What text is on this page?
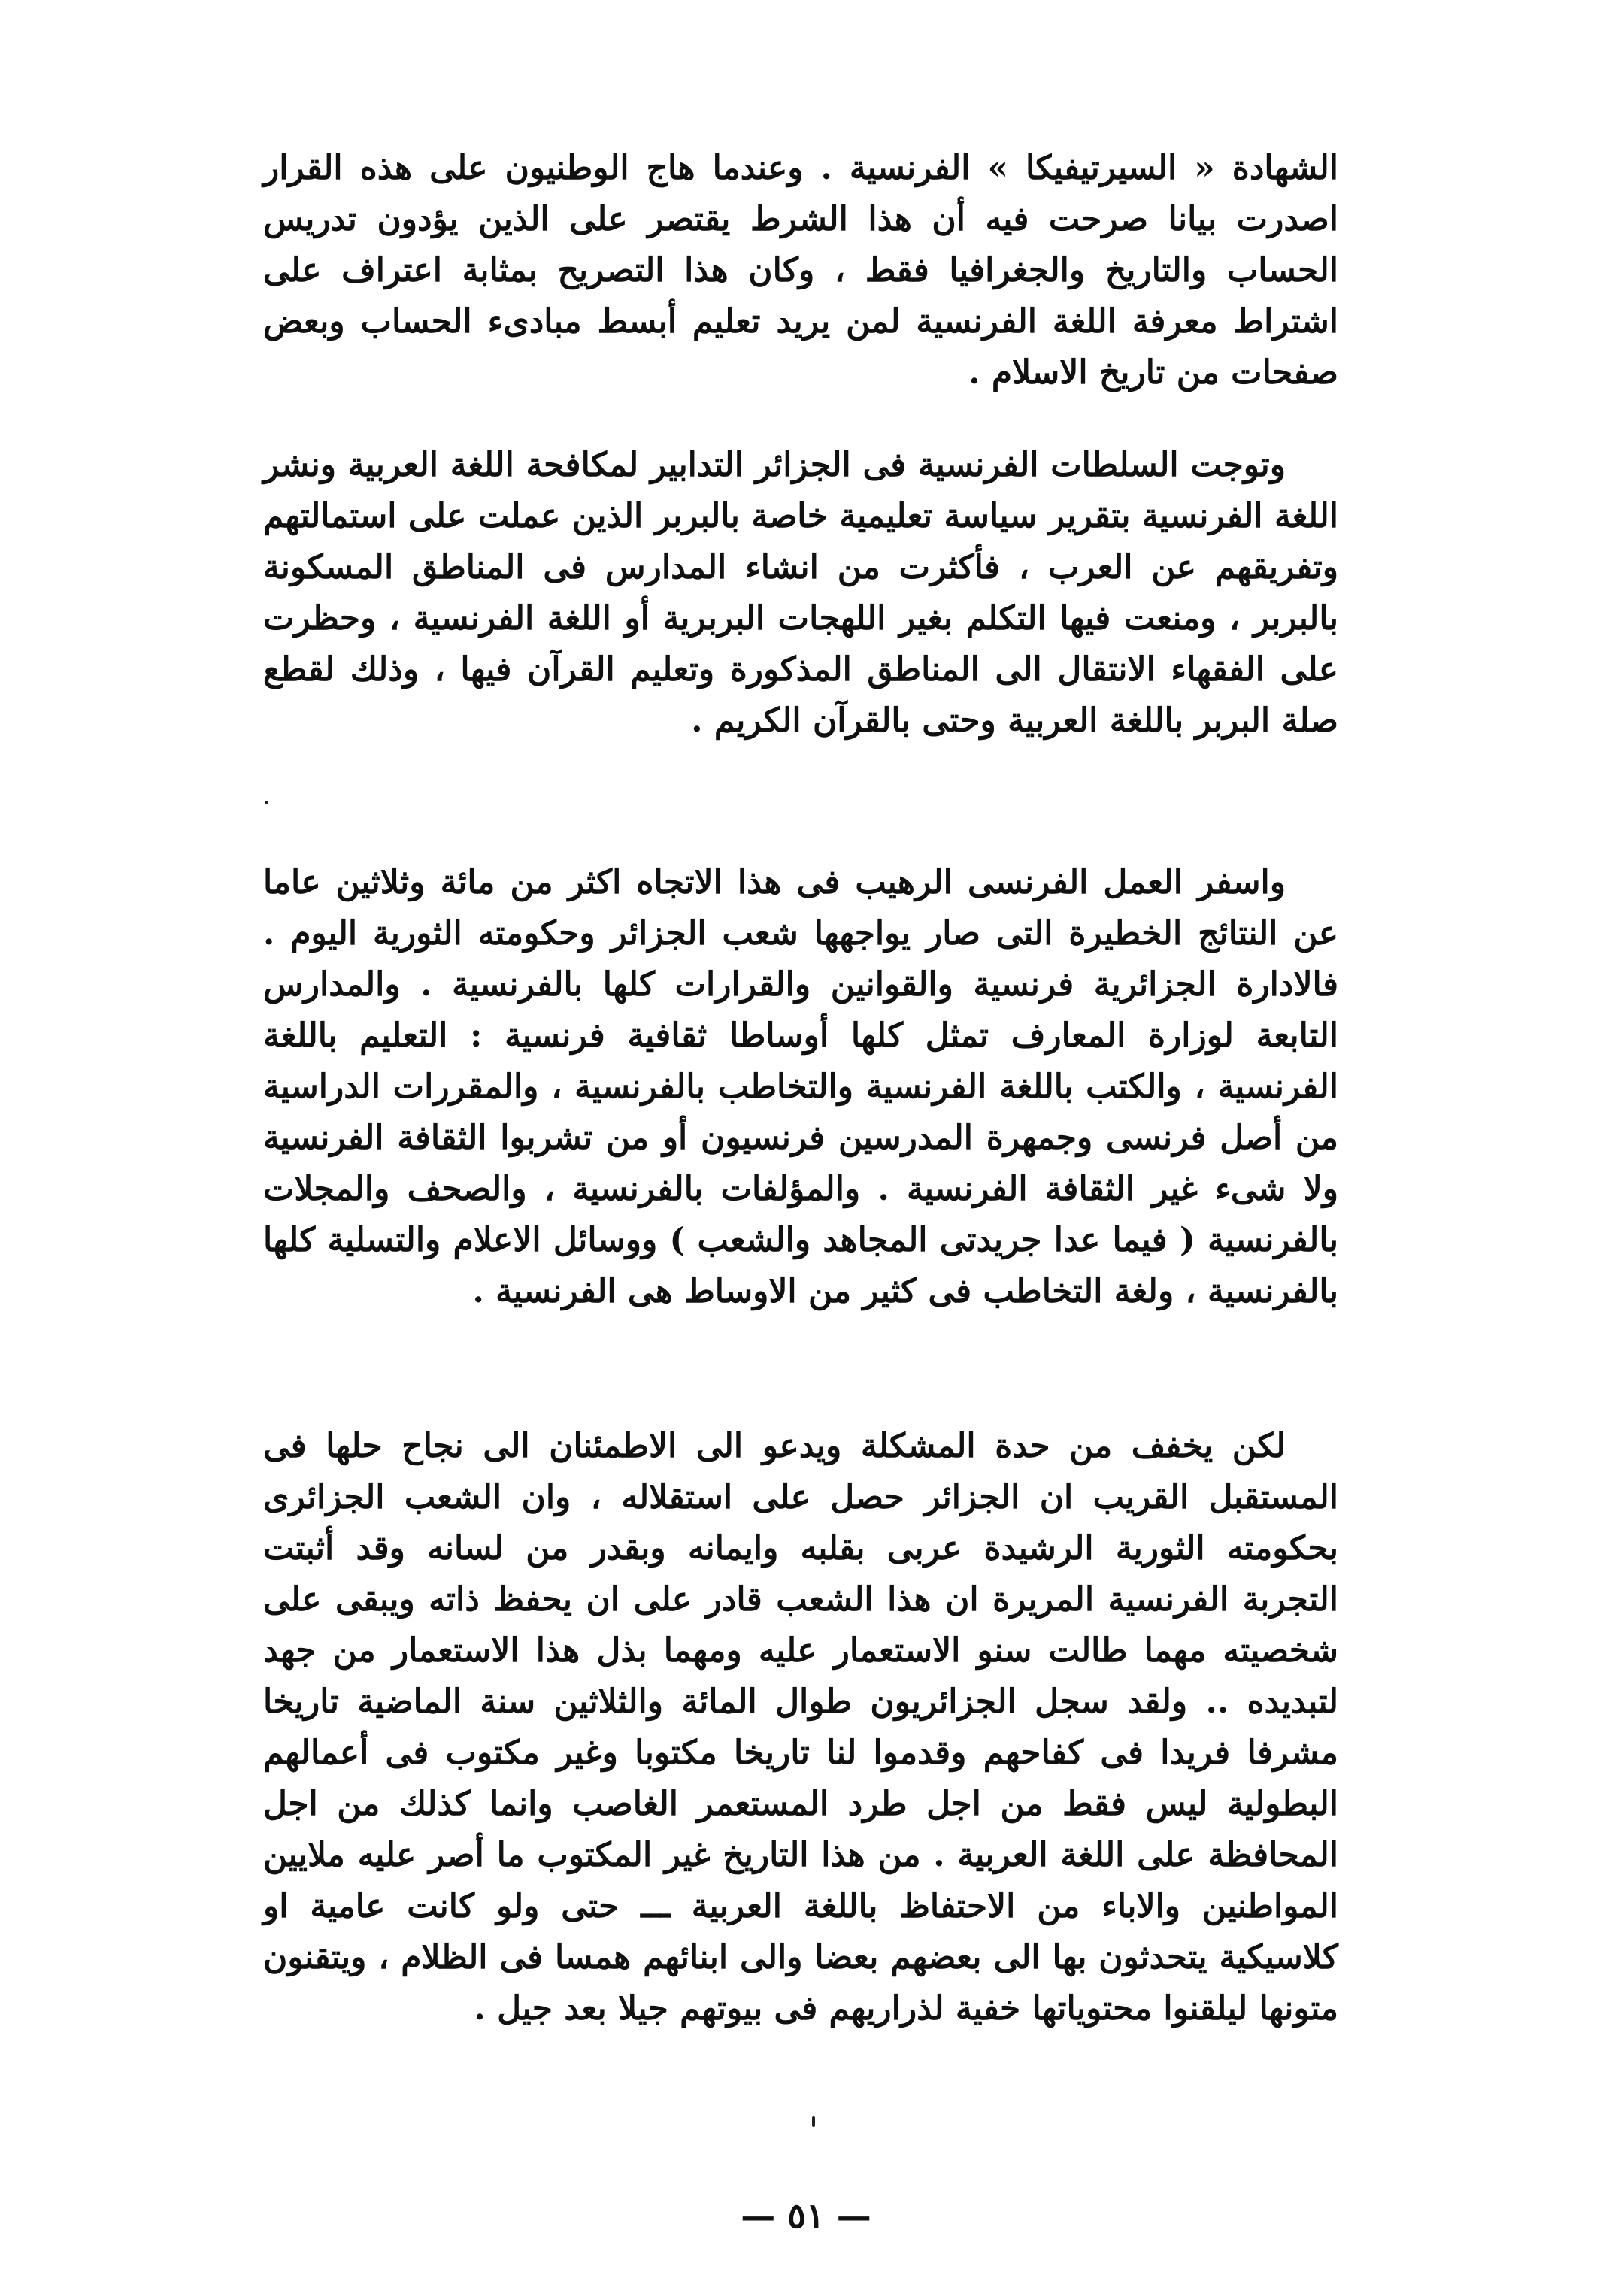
الشهادة « السيرتيفيكا » الفرنسية . وعندما هاج الوطنيون على هذه القرار اصدرت بيانا صرحت فيه أن هذا الشرط يقتصر على الذين يؤدون تدريس الحساب والتاريخ والجغرافيا فقط ، وكان هذا التصريح بمثابة اعتراف على اشتراط معرفة اللغة الفرنسية لمن يريد تعليم أبسط مبادىء الحساب وبعض صفحات من تاريخ الاسلام .

وتوجت السلطات الفرنسية فى الجزائر التدابير لمكافحة اللغة العربية ونشر اللغة الفرنسية بتقرير سياسة تعليمية خاصة بالبربر الذين عملت على استمالتهم وتفريقهم عن العرب ، فأكثرت من انشاء المدارس فى المناطق المسكونة بالبربر ، ومنعت فيها التكلم بغير اللهجات البربرية أو اللغة الفرنسية ، وحظرت على الفقهاء الانتقال الى المناطق المذكورة وتعليم القرآن فيها ، وذلك لقطع صلة البربر باللغة العربية وحتى بالقرآن الكريم .

واسفر العمل الفرنسى الرهيب فى هذا الاتجاه اكثر من مائة وثلاثين عاما عن النتائج الخطيرة التى صار يواجهها شعب الجزائر وحكومته الثورية اليوم . فالادارة الجزائرية فرنسية والقوانين والقرارات كلها بالفرنسية . والمدارس التابعة لوزارة المعارف تمثل كلها أوساطا ثقافية فرنسية : التعليم باللغة الفرنسية ، والكتب باللغة الفرنسية والتخاطب بالفرنسية ، والمقررات الدراسية من أصل فرنسى وجمهرة المدرسين فرنسيون أو من تشربوا الثقافة الفرنسية ولا شىء غير الثقافة الفرنسية . والمؤلفات بالفرنسية ، والصحف والمجلات بالفرنسية ( فيما عدا جريدتى المجاهد والشعب ) ووسائل الاعلام والتسلية كلها بالفرنسية ، ولغة التخاطب فى كثير من الاوساط هى الفرنسية .

لكن يخفف من حدة المشكلة ويدعو الى الاطمئنان الى نجاح حلها فى المستقبل القريب ان الجزائر حصل على استقلاله ، وان الشعب الجزائرى بحكومته الثورية الرشيدة عربى بقلبه وايمانه وبقدر من لسانه وقد أثبتت التجربة الفرنسية المريرة ان هذا الشعب قادر على ان يحفظ ذاته ويبقى على شخصيته مهما طالت سنو الاستعمار عليه ومهما بذل هذا الاستعمار من جهد لتبديده .. ولقد سجل الجزائريون طوال المائة والثلاثين سنة الماضية تاريخا مشرفا فريدا فى كفاحهم وقدموا لنا تاريخا مكتوبا وغير مكتوب فى أعمالهم البطولية ليس فقط من اجل طرد المستعمر الغاصب وانما كذلك من اجل المحافظة على اللغة العربية . من هذا التاريخ غير المكتوب ما أصر عليه ملايين المواطنين والاباء من الاحتفاظ باللغة العربية ـــ حتى ولو كانت عامية او كلاسيكية يتحدثون بها الى بعضهم بعضا والى ابنائهم همسا فى الظلام ، ويتقنون متونها ليلقنوا محتوياتها خفية لذراريهم فى بيوتهم جيلا بعد جيل .

— ٥١ —
